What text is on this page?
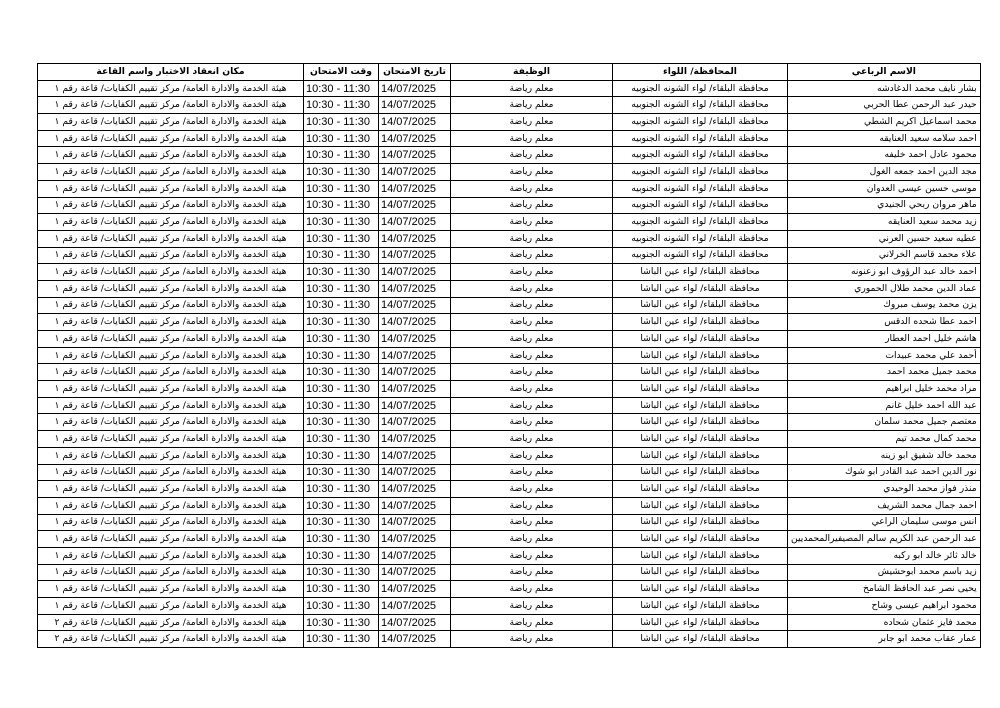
الاسم الرباعي	المحافظة/ اللواء	الوظيفة	تاريخ الامتحان	وقت الامتحان	مكان انعقاد الاختبار واسم القاعة
بشار نايف محمد الدغادشه	محافظة البلقاء/ لواء الشونه الجنوبيه	معلم رياضة	14/07/2025	10:30 - 11:30	هيئة الخدمة والادارة العامة/ مركز تقييم الكفايات/ قاعة رقم ١
حيدر عبد الرحمن عطا الحربي	محافظة البلقاء/ لواء الشونه الجنوبيه	معلم رياضة	14/07/2025	10:30 - 11:30	هيئة الخدمة والادارة العامة/ مركز تقييم الكفايات/ قاعة رقم ١
محمد اسماعيل اكريم الشطي	محافظة البلقاء/ لواء الشونه الجنوبيه	معلم رياضة	14/07/2025	10:30 - 11:30	هيئة الخدمة والادارة العامة/ مركز تقييم الكفايات/ قاعة رقم ١
احمد سلامه سعيد العنايقه	محافظة البلقاء/ لواء الشونه الجنوبيه	معلم رياضة	14/07/2025	10:30 - 11:30	هيئة الخدمة والادارة العامة/ مركز تقييم الكفايات/ قاعة رقم ١
محمود عادل احمد خليفه	محافظة البلقاء/ لواء الشونه الجنوبيه	معلم رياضة	14/07/2025	10:30 - 11:30	هيئة الخدمة والادارة العامة/ مركز تقييم الكفايات/ قاعة رقم ١
مجد الدين احمد جمعه الغول	محافظة البلقاء/ لواء الشونه الجنوبيه	معلم رياضة	14/07/2025	10:30 - 11:30	هيئة الخدمة والادارة العامة/ مركز تقييم الكفايات/ قاعة رقم ١
موسى حسين عيسى العدوان	محافظة البلقاء/ لواء الشونه الجنوبيه	معلم رياضة	14/07/2025	10:30 - 11:30	هيئة الخدمة والادارة العامة/ مركز تقييم الكفايات/ قاعة رقم ١
ماهر مروان ربحي الجنيدي	محافظة البلقاء/ لواء الشونه الجنوبيه	معلم رياضة	14/07/2025	10:30 - 11:30	هيئة الخدمة والادارة العامة/ مركز تقييم الكفايات/ قاعة رقم ١
زيد محمد سعيد العنايقه	محافظة البلقاء/ لواء الشونه الجنوبيه	معلم رياضة	14/07/2025	10:30 - 11:30	هيئة الخدمة والادارة العامة/ مركز تقييم الكفايات/ قاعة رقم ١
عطيه سعيد حسين العرني	محافظة البلقاء/ لواء الشونه الجنوبيه	معلم رياضة	14/07/2025	10:30 - 11:30	هيئة الخدمة والادارة العامة/ مركز تقييم الكفايات/ قاعة رقم ١
علاء محمد قاسم الخرلاني	محافظة البلقاء/ لواء الشونه الجنوبيه	معلم رياضة	14/07/2025	10:30 - 11:30	هيئة الخدمة والادارة العامة/ مركز تقييم الكفايات/ قاعة رقم ١
احمد خالد عبد الرؤوف ابو زعنونه	محافظة البلقاء/ لواء عين الباشا	معلم رياضة	14/07/2025	10:30 - 11:30	هيئة الخدمة والادارة العامة/ مركز تقييم الكفايات/ قاعة رقم ١
عماد الدين محمد طلال الحموري	محافظة البلقاء/ لواء عين الباشا	معلم رياضة	14/07/2025	10:30 - 11:30	هيئة الخدمة والادارة العامة/ مركز تقييم الكفايات/ قاعة رقم ١
يزن محمد يوسف مبروك	محافظة البلقاء/ لواء عين الباشا	معلم رياضة	14/07/2025	10:30 - 11:30	هيئة الخدمة والادارة العامة/ مركز تقييم الكفايات/ قاعة رقم ١
احمد عطا شحده الدقس	محافظة البلقاء/ لواء عين الباشا	معلم رياضة	14/07/2025	10:30 - 11:30	هيئة الخدمة والادارة العامة/ مركز تقييم الكفايات/ قاعة رقم ١
هاشم خليل احمد العطار	محافظة البلقاء/ لواء عين الباشا	معلم رياضة	14/07/2025	10:30 - 11:30	هيئة الخدمة والادارة العامة/ مركز تقييم الكفايات/ قاعة رقم ١
أحمد علي محمد عبيدات	محافظة البلقاء/ لواء عين الباشا	معلم رياضة	14/07/2025	10:30 - 11:30	هيئة الخدمة والادارة العامة/ مركز تقييم الكفايات/ قاعة رقم ١
محمد جميل محمد احمد	محافظة البلقاء/ لواء عين الباشا	معلم رياضة	14/07/2025	10:30 - 11:30	هيئة الخدمة والادارة العامة/ مركز تقييم الكفايات/ قاعة رقم ١
مراد محمد خليل ابراهيم	محافظة البلقاء/ لواء عين الباشا	معلم رياضة	14/07/2025	10:30 - 11:30	هيئة الخدمة والادارة العامة/ مركز تقييم الكفايات/ قاعة رقم ١
عبد الله احمد خليل غانم	محافظة البلقاء/ لواء عين الباشا	معلم رياضة	14/07/2025	10:30 - 11:30	هيئة الخدمة والادارة العامة/ مركز تقييم الكفايات/ قاعة رقم ١
معتصم جميل محمد سلمان	محافظة البلقاء/ لواء عين الباشا	معلم رياضة	14/07/2025	10:30 - 11:30	هيئة الخدمة والادارة العامة/ مركز تقييم الكفايات/ قاعة رقم ١
محمد كمال محمد تيم	محافظة البلقاء/ لواء عين الباشا	معلم رياضة	14/07/2025	10:30 - 11:30	هيئة الخدمة والادارة العامة/ مركز تقييم الكفايات/ قاعة رقم ١
محمد خالد شفيق ابو زينه	محافظة البلقاء/ لواء عين الباشا	معلم رياضة	14/07/2025	10:30 - 11:30	هيئة الخدمة والادارة العامة/ مركز تقييم الكفايات/ قاعة رقم ١
نور الدين احمد عبد القادر ابو شوك	محافظة البلقاء/ لواء عين الباشا	معلم رياضة	14/07/2025	10:30 - 11:30	هيئة الخدمة والادارة العامة/ مركز تقييم الكفايات/ قاعة رقم ١
منذر فواز محمد الوحيدي	محافظة البلقاء/ لواء عين الباشا	معلم رياضة	14/07/2025	10:30 - 11:30	هيئة الخدمة والادارة العامة/ مركز تقييم الكفايات/ قاعة رقم ١
احمد جمال محمد الشريف	محافظة البلقاء/ لواء عين الباشا	معلم رياضة	14/07/2025	10:30 - 11:30	هيئة الخدمة والادارة العامة/ مركز تقييم الكفايات/ قاعة رقم ١
انس موسى سليمان الراعي	محافظة البلقاء/ لواء عين الباشا	معلم رياضة	14/07/2025	10:30 - 11:30	هيئة الخدمة والادارة العامة/ مركز تقييم الكفايات/ قاعة رقم ١
عبد الرحمن عبد الكريم سالم المصيفيرالمحمديين	محافظة البلقاء/ لواء عين الباشا	معلم رياضة	14/07/2025	10:30 - 11:30	هيئة الخدمة والادارة العامة/ مركز تقييم الكفايات/ قاعة رقم ١
خالد ثائر خالد ابو ركبه	محافظة البلقاء/ لواء عين الباشا	معلم رياضة	14/07/2025	10:30 - 11:30	هيئة الخدمة والادارة العامة/ مركز تقييم الكفايات/ قاعة رقم ١
زيد باسم محمد ابوحشيش	محافظة البلقاء/ لواء عين الباشا	معلم رياضة	14/07/2025	10:30 - 11:30	هيئة الخدمة والادارة العامة/ مركز تقييم الكفايات/ قاعة رقم ١
يحيى نصر عبد الحافظ الشامخ	محافظة البلقاء/ لواء عين الباشا	معلم رياضة	14/07/2025	10:30 - 11:30	هيئة الخدمة والادارة العامة/ مركز تقييم الكفايات/ قاعة رقم ١
محمود ابراهيم عيسى وشاح	محافظة البلقاء/ لواء عين الباشا	معلم رياضة	14/07/2025	10:30 - 11:30	هيئة الخدمة والادارة العامة/ مركز تقييم الكفايات/ قاعة رقم ١
محمد فايز عثمان شحاده	محافظة البلقاء/ لواء عين الباشا	معلم رياضة	14/07/2025	10:30 - 11:30	هيئة الخدمة والادارة العامة/ مركز تقييم الكفايات/ قاعة رقم ٢
عمار عقاب محمد ابو جابر	محافظة البلقاء/ لواء عين الباشا	معلم رياضة	14/07/2025	10:30 - 11:30	هيئة الخدمة والادارة العامة/ مركز تقييم الكفايات/ قاعة رقم ٢
